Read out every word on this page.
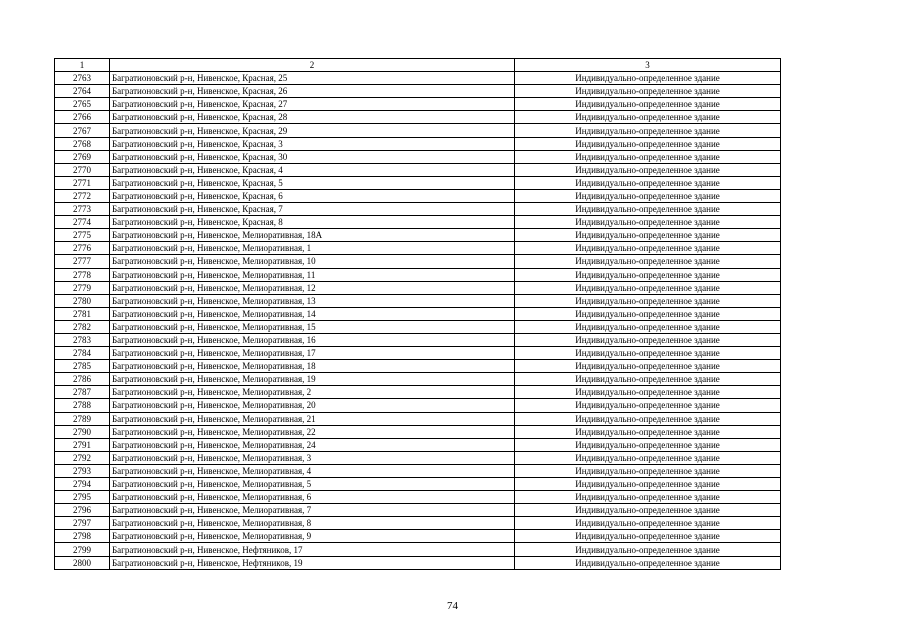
1	2	3
2763	Багратионовский р-н, Нивенское, Красная, 25	Индивидуально-определенное здание
2764	Багратионовский р-н, Нивенское, Красная, 26	Индивидуально-определенное здание
2765	Багратионовский р-н, Нивенское, Красная, 27	Индивидуально-определенное здание
2766	Багратионовский р-н, Нивенское, Красная, 28	Индивидуально-определенное здание
2767	Багратионовский р-н, Нивенское, Красная, 29	Индивидуально-определенное здание
2768	Багратионовский р-н, Нивенское, Красная, 3	Индивидуально-определенное здание
2769	Багратионовский р-н, Нивенское, Красная, 30	Индивидуально-определенное здание
2770	Багратионовский р-н, Нивенское, Красная, 4	Индивидуально-определенное здание
2771	Багратионовский р-н, Нивенское, Красная, 5	Индивидуально-определенное здание
2772	Багратионовский р-н, Нивенское, Красная, 6	Индивидуально-определенное здание
2773	Багратионовский р-н, Нивенское, Красная, 7	Индивидуально-определенное здание
2774	Багратионовский р-н, Нивенское, Красная, 8	Индивидуально-определенное здание
2775	Багратионовский р-н, Нивенское, Мелиоративная, 18А	Индивидуально-определенное здание
2776	Багратионовский р-н, Нивенское, Мелиоративная, 1	Индивидуально-определенное здание
2777	Багратионовский р-н, Нивенское, Мелиоративная, 10	Индивидуально-определенное здание
2778	Багратионовский р-н, Нивенское, Мелиоративная, 11	Индивидуально-определенное здание
2779	Багратионовский р-н, Нивенское, Мелиоративная, 12	Индивидуально-определенное здание
2780	Багратионовский р-н, Нивенское, Мелиоративная, 13	Индивидуально-определенное здание
2781	Багратионовский р-н, Нивенское, Мелиоративная, 14	Индивидуально-определенное здание
2782	Багратионовский р-н, Нивенское, Мелиоративная, 15	Индивидуально-определенное здание
2783	Багратионовский р-н, Нивенское, Мелиоративная, 16	Индивидуально-определенное здание
2784	Багратионовский р-н, Нивенское, Мелиоративная, 17	Индивидуально-определенное здание
2785	Багратионовский р-н, Нивенское, Мелиоративная, 18	Индивидуально-определенное здание
2786	Багратионовский р-н, Нивенское, Мелиоративная, 19	Индивидуально-определенное здание
2787	Багратионовский р-н, Нивенское, Мелиоративная, 2	Индивидуально-определенное здание
2788	Багратионовский р-н, Нивенское, Мелиоративная, 20	Индивидуально-определенное здание
2789	Багратионовский р-н, Нивенское, Мелиоративная, 21	Индивидуально-определенное здание
2790	Багратионовский р-н, Нивенское, Мелиоративная, 22	Индивидуально-определенное здание
2791	Багратионовский р-н, Нивенское, Мелиоративная, 24	Индивидуально-определенное здание
2792	Багратионовский р-н, Нивенское, Мелиоративная, 3	Индивидуально-определенное здание
2793	Багратионовский р-н, Нивенское, Мелиоративная, 4	Индивидуально-определенное здание
2794	Багратионовский р-н, Нивенское, Мелиоративная, 5	Индивидуально-определенное здание
2795	Багратионовский р-н, Нивенское, Мелиоративная, 6	Индивидуально-определенное здание
2796	Багратионовский р-н, Нивенское, Мелиоративная, 7	Индивидуально-определенное здание
2797	Багратионовский р-н, Нивенское, Мелиоративная, 8	Индивидуально-определенное здание
2798	Багратионовский р-н, Нивенское, Мелиоративная, 9	Индивидуально-определенное здание
2799	Багратионовский р-н, Нивенское, Нефтяников, 17	Индивидуально-определенное здание
2800	Багратионовский р-н, Нивенское, Нефтяников, 19	Индивидуально-определенное здание
74
